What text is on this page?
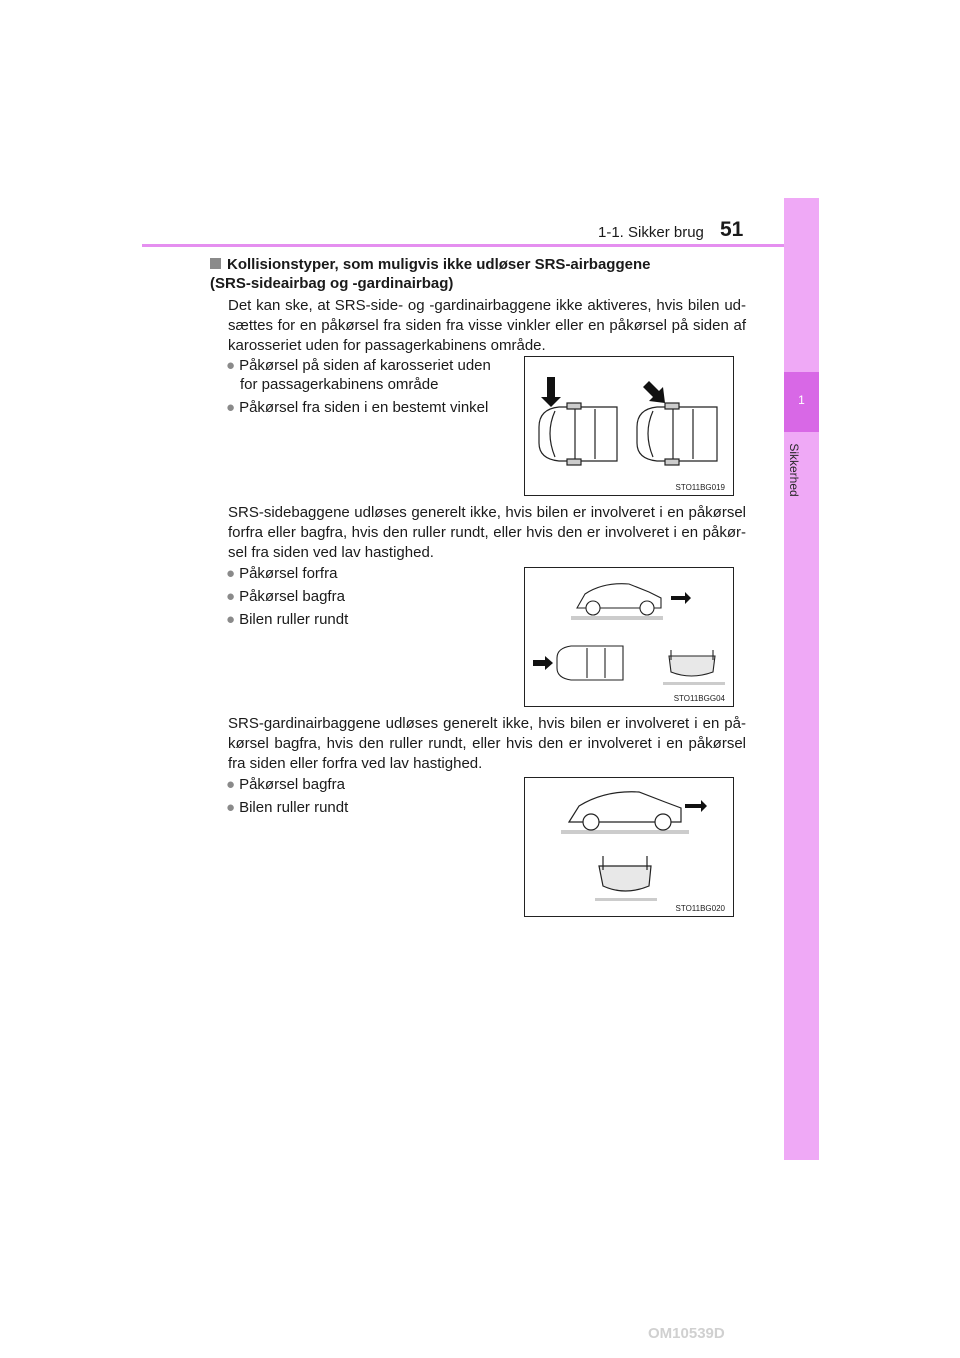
1-1. Sikker brug 51
1
Sikkerhed
Kollisionstyper, som muligvis ikke udløser SRS-airbaggene
(SRS-sideairbag og -gardinairbag)
Det kan ske, at SRS-side- og -gardinairbaggene ikke aktiveres, hvis bilen ud-sættes for en påkørsel fra siden fra visse vinkler eller en påkørsel på siden af karosseriet uden for passagerkabinens område.
● Påkørsel på siden af karosseriet uden
for passagerkabinens område
● Påkørsel fra siden i en bestemt vinkel
STO11BG019
SRS-sidebaggene udløses generelt ikke, hvis bilen er involveret i en påkørsel forfra eller bagfra, hvis den ruller rundt, eller hvis den er involveret i en påkør-sel fra siden ved lav hastighed.
● Påkørsel forfra
● Påkørsel bagfra
● Bilen ruller rundt
STO11BGG04
SRS-gardinairbaggene udløses generelt ikke, hvis bilen er involveret i en på-kørsel bagfra, hvis den ruller rundt, eller hvis den er involveret i en påkørsel fra siden eller forfra ved lav hastighed.
● Påkørsel bagfra
● Bilen ruller rundt
STO11BG020
OM10539D
